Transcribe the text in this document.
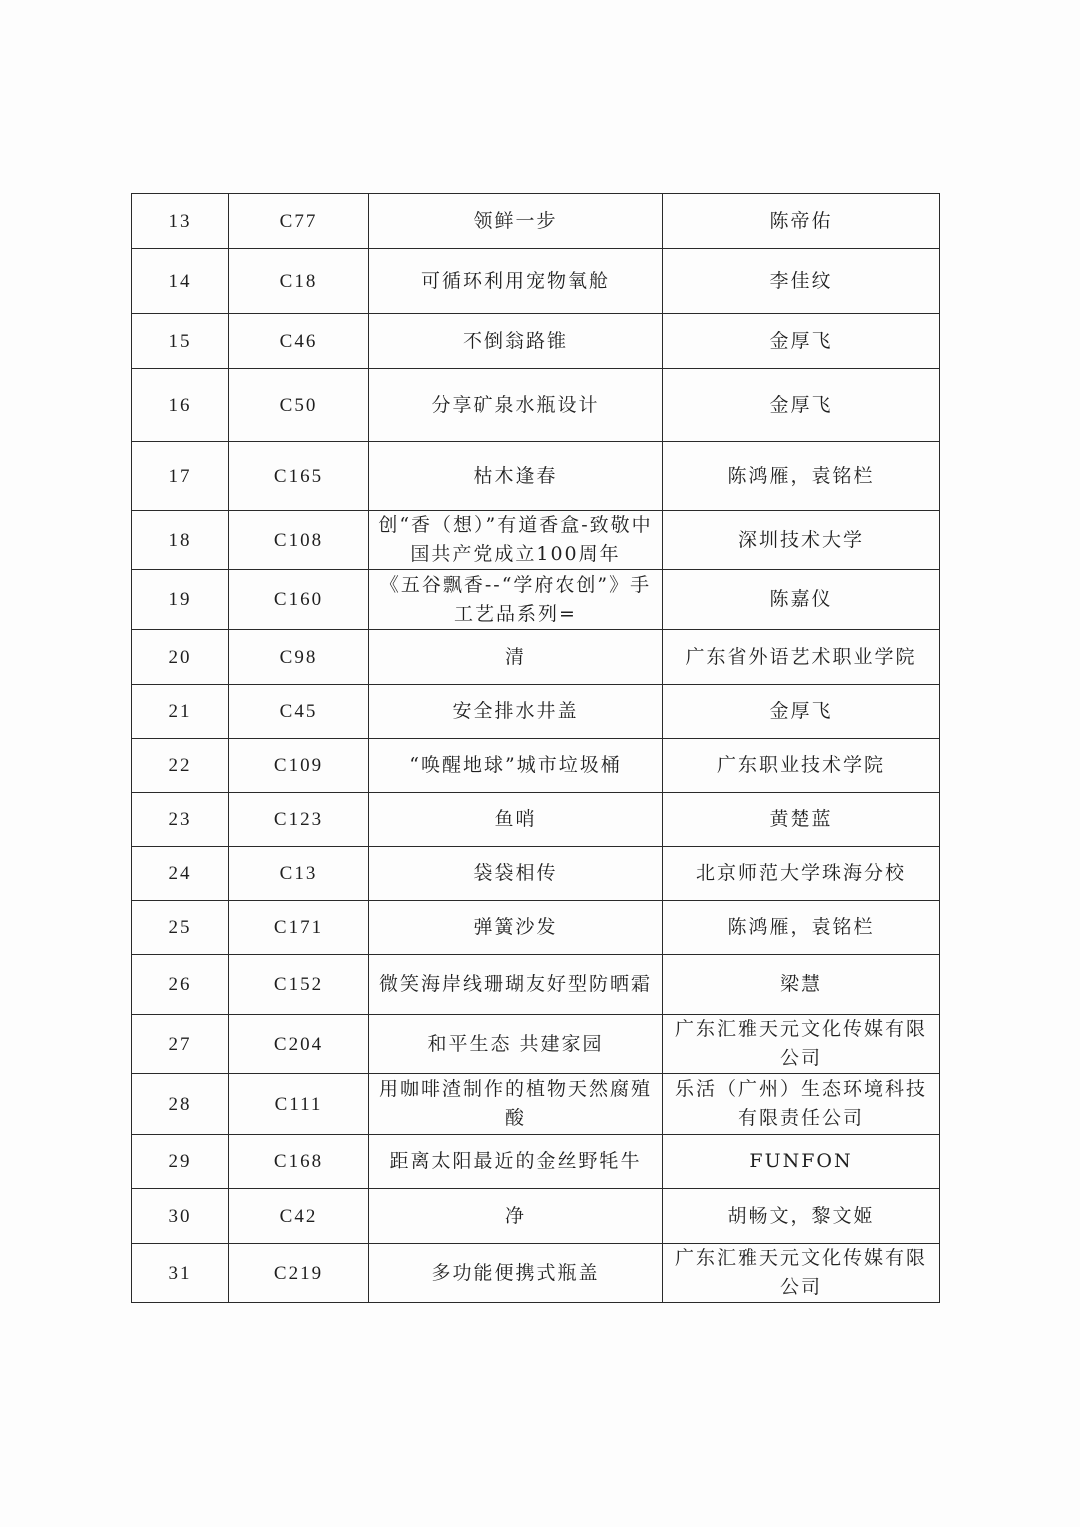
13	C77	领鲜一步	陈帝佑
14	C18	可循环利用宠物氧舱	李佳纹
15	C46	不倒翁路锥	金厚飞
16	C50	分享矿泉水瓶设计	金厚飞
17	C165	枯木逢春	陈鸿雁，袁铭栏
18	C108	创“香（想）”有道香盒-致敬中国共产党成立100周年	深圳技术大学
19	C160	《五谷飘香--“学府农创”》手工艺品系列=	陈嘉仪
20	C98	清	广东省外语艺术职业学院
21	C45	安全排水井盖	金厚飞
22	C109	“唤醒地球”城市垃圾桶	广东职业技术学院
23	C123	鱼哨	黄楚蓝
24	C13	袋袋相传	北京师范大学珠海分校
25	C171	弹簧沙发	陈鸿雁，袁铭栏
26	C152	微笑海岸线珊瑚友好型防晒霜	梁慧
27	C204	和平生态 共建家园	广东汇雅天元文化传媒有限公司
28	C111	用咖啡渣制作的植物天然腐殖酸	乐活（广州）生态环境科技有限责任公司
29	C168	距离太阳最近的金丝野牦牛	FUNFON
30	C42	净	胡畅文，黎文姬
31	C219	多功能便携式瓶盖	广东汇雅天元文化传媒有限公司
